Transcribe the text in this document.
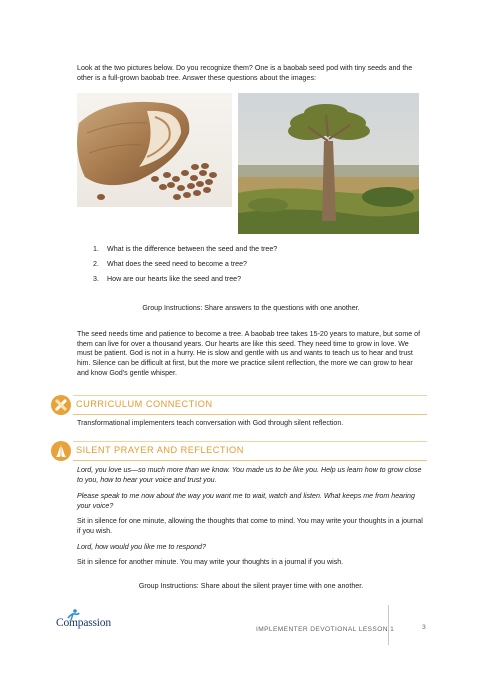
Look at the two pictures below. Do you recognize them? One is a baobab seed pod with tiny seeds and the other is a full-grown baobab tree. Answer these questions about the images:

1.	What is the difference between the seed and the tree?
2.	What does the seed need to become a tree?
3.	How are our hearts like the seed and tree?
Group Instructions: Share answers to the questions with one another.

The seed needs time and patience to become a tree. A baobab tree takes 15-20 years to mature, but some of them can live for over a thousand years. Our hearts are like this seed. They need time to grow in love. We must be patient. God is not in a hurry. He is slow and gentle with us and wants to teach us to hear and trust him. Silence can be difficult at first, but the more we practice silent reflection, the more we can grow to hear and know God's gentle whisper.

CURRICULUM CONNECTION

Transformational implementers teach conversation with God through silent reflection.

SILENT PRAYER AND REFLECTION

Lord, you love us—so much more than we know. You made us to be like you. Help us learn how to grow close to you, how to hear your voice and trust you.

Please speak to me now about the way you want me to wait, watch and listen. What keeps me from hearing your voice?

Sit in silence for one minute, allowing the thoughts that come to mind. You may write your thoughts in a journal if you wish.

Lord, how would you like me to respond?

Sit in silence for another minute. You may write your thoughts in a journal if you wish.

Group Instructions: Share about the silent prayer time with one another.
Compassion
IMPLEMENTER DEVOTIONAL LESSON 1	3
